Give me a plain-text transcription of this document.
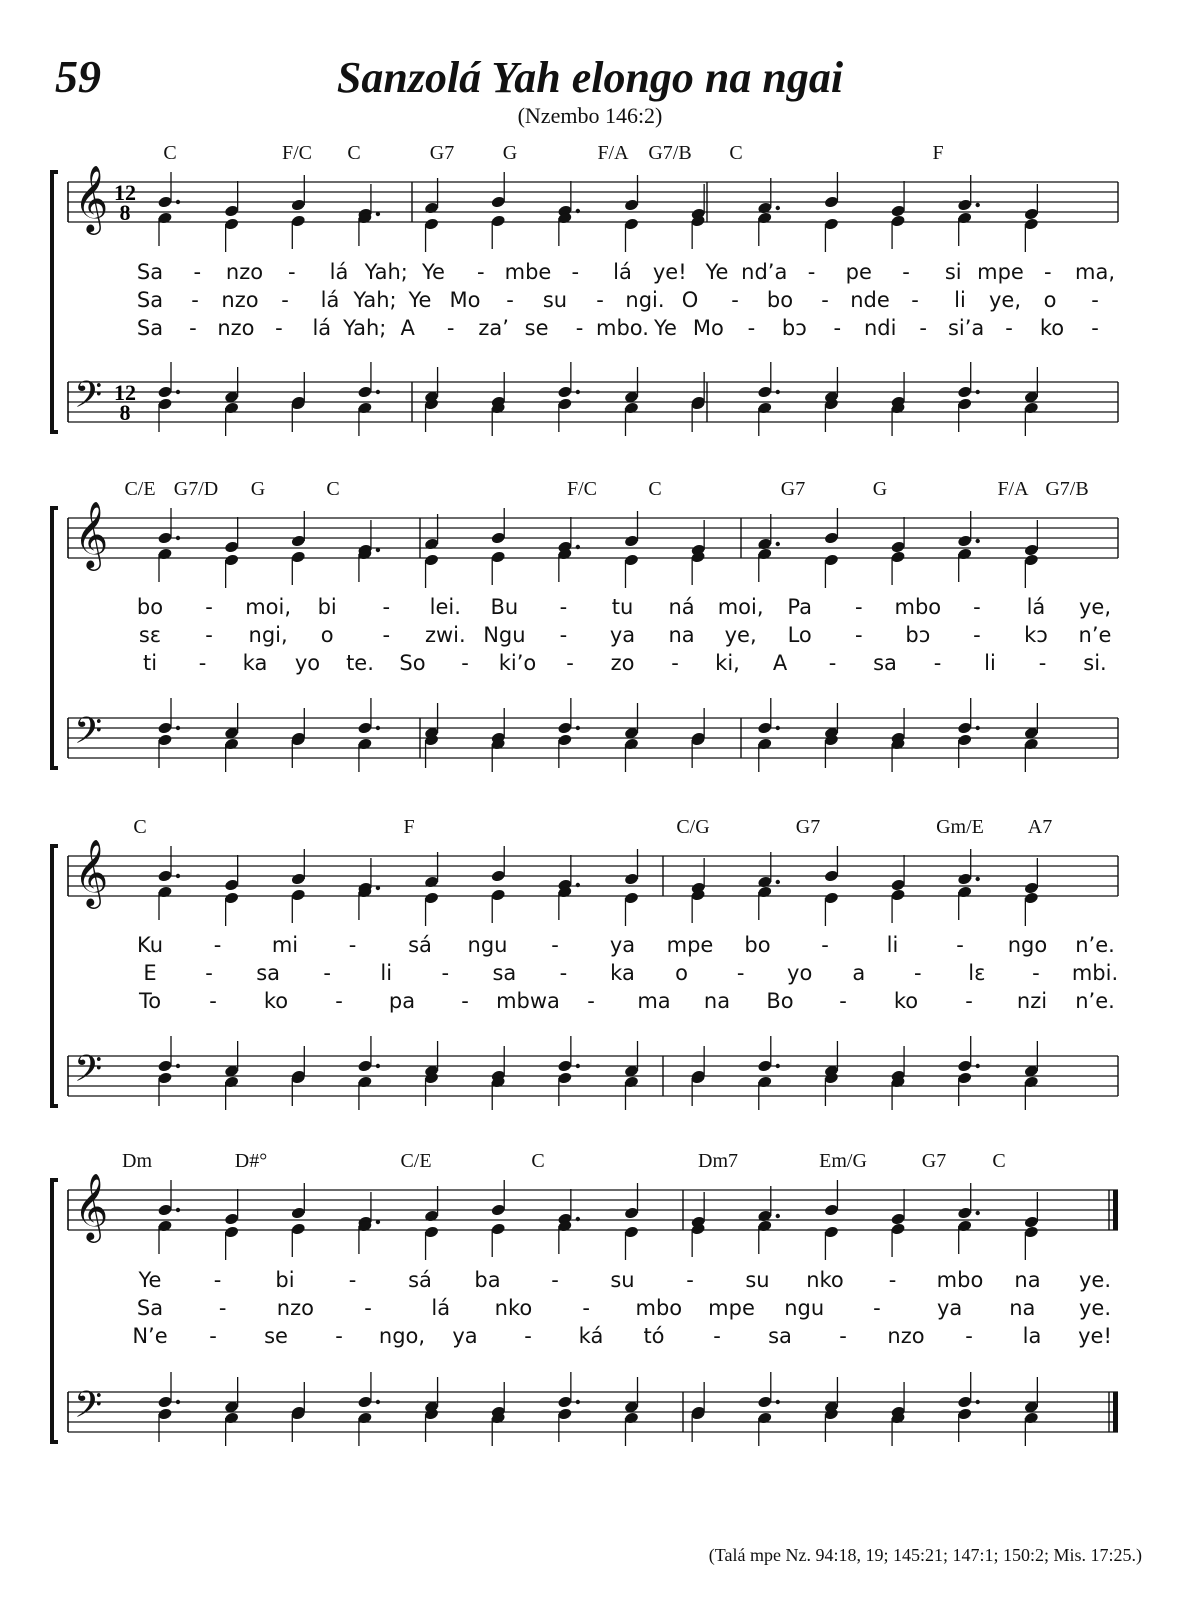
59	Sanzolá Yah elongo na ngai
(Nzembo 146:2)
C	F/C C	G7 G	F/A G7/B C	F
𝄞
𝄢
12
8
12
8
Sa - nzo - lá Yah; Ye - mbe - lá ye! Ye nd’a - pe - si mpe - ma,
Sa - nzo - lá Yah; Ye Mo - su - ngi. O - bo - nde - li ye, o -
Sa - nzo - lá Yah; A - za’ se - mbo. Ye Mo - bɔ - ndi - si’a - ko -
C/E G7/D G	C	F/C	C	G7	G	F/A G7/B
𝄞
𝄢
bo - moi, bi - lei. Bu - tu ná moi, Pa - mbo - lá ye,
sɛ - ngi, o - zwi. Ngu - ya na ye, Lo - bɔ - kɔ n’e
ti - ka yo te. So - ki’o - zo - ki, A - sa - li - si.
C	F	C/G	G7	Gm/E A7
𝄞
𝄢
Ku - mi - sá ngu - ya mpe bo -	li	- ngo n’e.
E - sa - li - sa - ka o - yo a - lɛ - mbi.
To - ko - pa - mbwa - ma na Bo - ko - nzi n’e.
Dm	D#°	C/E	C	Dm7	Em/G	G7 C
𝄞
𝄢
Ye -	bi	- sá ba - su - su nko - mbo na ye.
Sa	- nzo -	lá nko - mbo mpe ngu -	ya na ye.
N’e - se - ngo, ya - ká tó - sa - nzo - la ye!
(Talá mpe Nz. 94:18, 19; 145:21; 147:1; 150:2; Mis. 17:25.)
